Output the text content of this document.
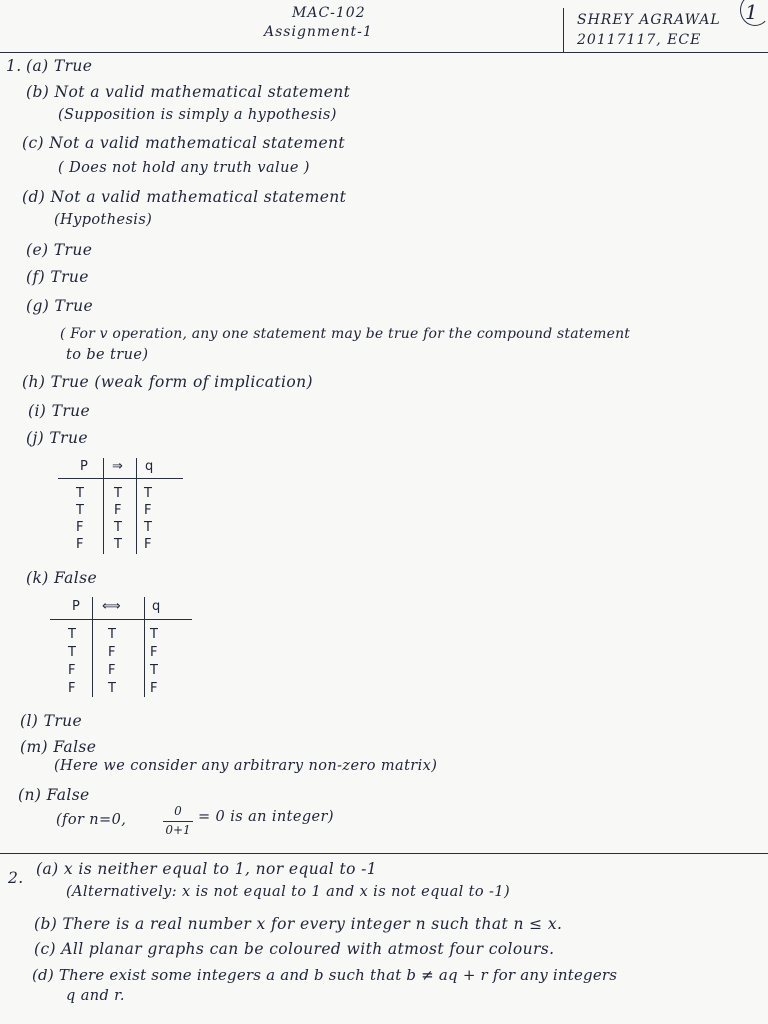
MAC-102
Assignment-1
SHREY AGRAWAL
20117117, ECE
1
1. (a) True
(b) Not a valid mathematical statement
(Supposition is simply a hypothesis)
(c) Not a valid mathematical statement
( Does not hold any truth value )
(d) Not a valid mathematical statement
(Hypothesis)
(e) True
(f) True
(g) True
( For v operation, any one statement may be true for the compound statement
to be true)
(h) True (weak form of implication)
(i) True
(j) True
P ⇒ q
T T T
T F F
F T T
F T F
(k) False
P ⟺ q
T T	T
T F	F
F	F	T
F	T	F
(l) True
(m) False
(Here we consider any arbitrary non-zero matrix)
(n) False
(for n=0,
0
0+1
= 0 is an integer)
2. (a) x is neither equal to 1, nor equal to -1
(Alternatively: x is not equal to 1 and x is not equal to -1)
(b) There is a real number x for every integer n such that n ≤ x.
(c) All planar graphs can be coloured with atmost four colours.
(d) There exist some integers a and b such that b ≠ aq + r for any integers
q and r.
